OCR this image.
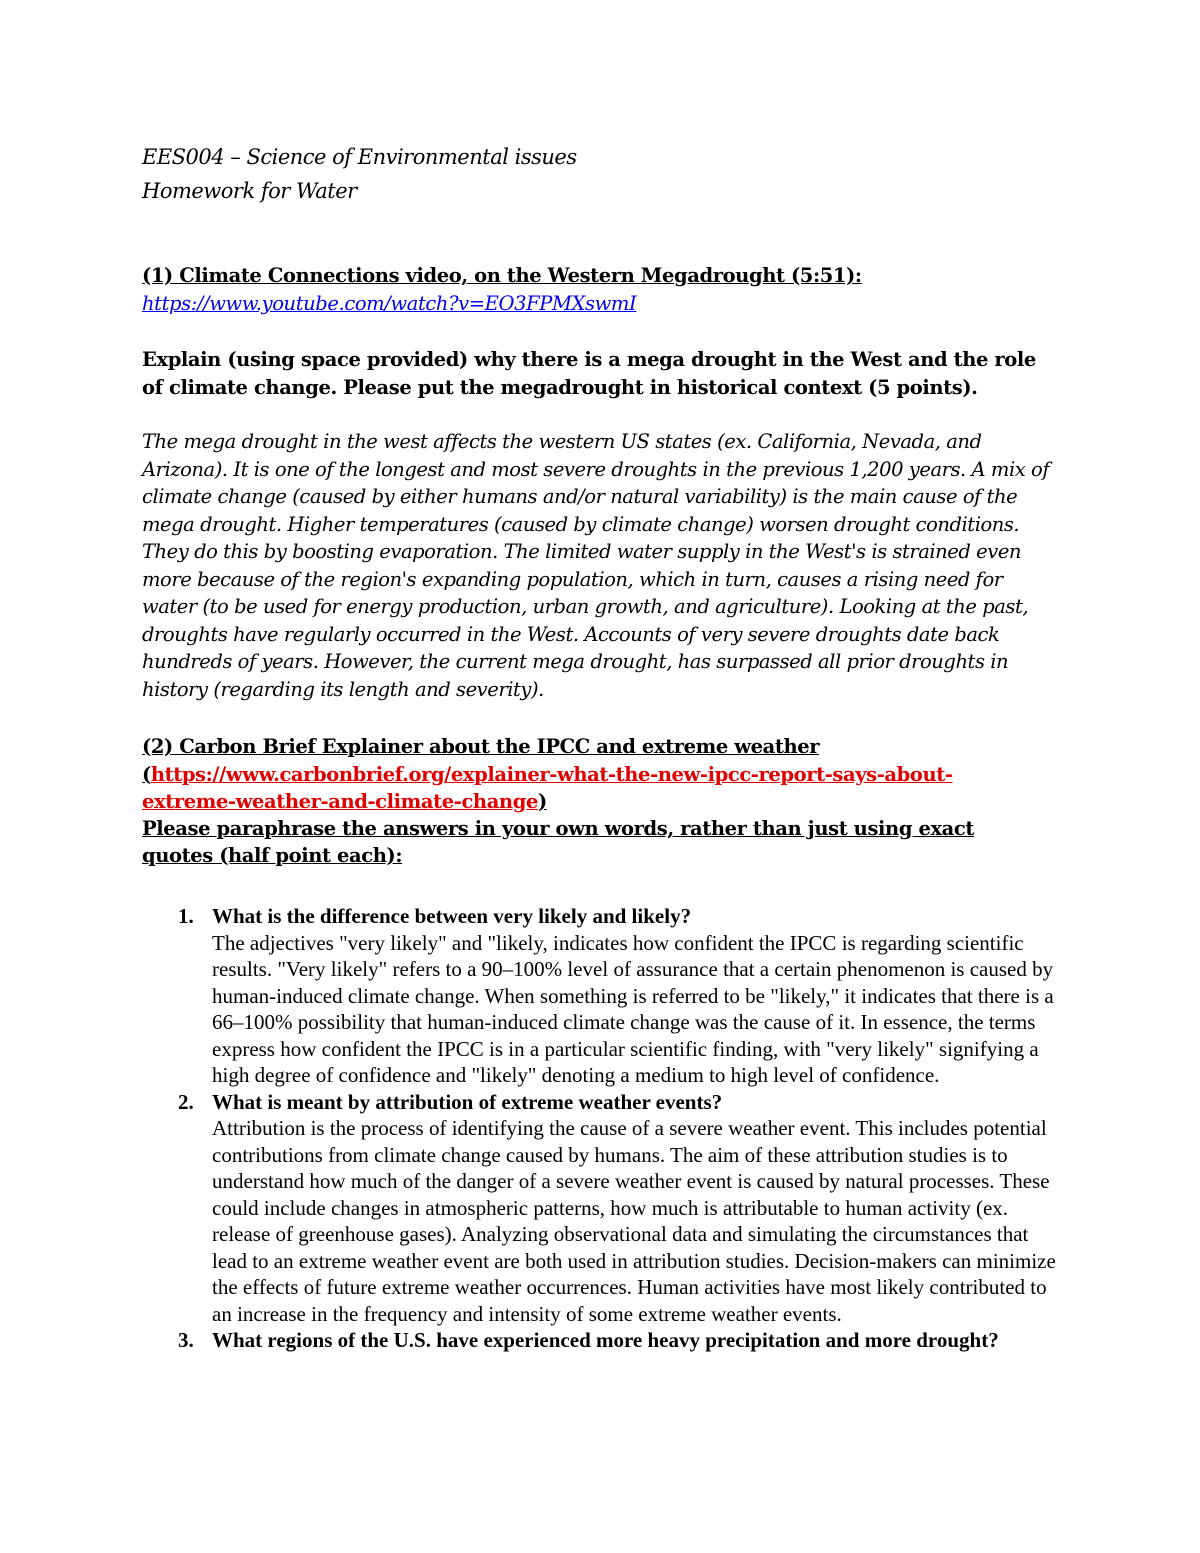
EES004 – Science of Environmental issues

Homework for Water

(1) Climate Connections video, on the Western Megadrought (5:51):

https://www.youtube.com/watch?v=EO3FPMXswmI

Explain (using space provided) why there is a mega drought in the West and the role of climate change. Please put the megadrought in historical context (5 points).

The mega drought in the west affects the western US states (ex. California, Nevada, and Arizona). It is one of the longest and most severe droughts in the previous 1,200 years. A mix of climate change (caused by either humans and/or natural variability) is the main cause of the mega drought. Higher temperatures (caused by climate change) worsen drought conditions. They do this by boosting evaporation. The limited water supply in the West's is strained even more because of the region's expanding population, which in turn, causes a rising need for water (to be used for energy production, urban growth, and agriculture). Looking at the past, droughts have regularly occurred in the West. Accounts of very severe droughts date back hundreds of years. However, the current mega drought, has surpassed all prior droughts in history (regarding its length and severity).

(2) Carbon Brief Explainer about the IPCC and extreme weather

(https://www.carbonbrief.org/explainer-what-the-new-ipcc-report-says-about-extreme-weather-and-climate-change)

Please paraphrase the answers in your own words, rather than just using exact quotes (half point each):

1. What is the difference between very likely and likely?

The adjectives "very likely" and "likely, indicates how confident the IPCC is regarding scientific results. "Very likely" refers to a 90–100% level of assurance that a certain phenomenon is caused by human-induced climate change. When something is referred to be "likely," it indicates that there is a 66–100% possibility that human-induced climate change was the cause of it. In essence, the terms express how confident the IPCC is in a particular scientific finding, with "very likely" signifying a high degree of confidence and "likely" denoting a medium to high level of confidence.

2. What is meant by attribution of extreme weather events?

Attribution is the process of identifying the cause of a severe weather event. This includes potential contributions from climate change caused by humans. The aim of these attribution studies is to understand how much of the danger of a severe weather event is caused by natural processes. These could include changes in atmospheric patterns, how much is attributable to human activity (ex. release of greenhouse gases). Analyzing observational data and simulating the circumstances that lead to an extreme weather event are both used in attribution studies. Decision-makers can minimize the effects of future extreme weather occurrences. Human activities have most likely contributed to an increase in the frequency and intensity of some extreme weather events.

3. What regions of the U.S. have experienced more heavy precipitation and more drought?
